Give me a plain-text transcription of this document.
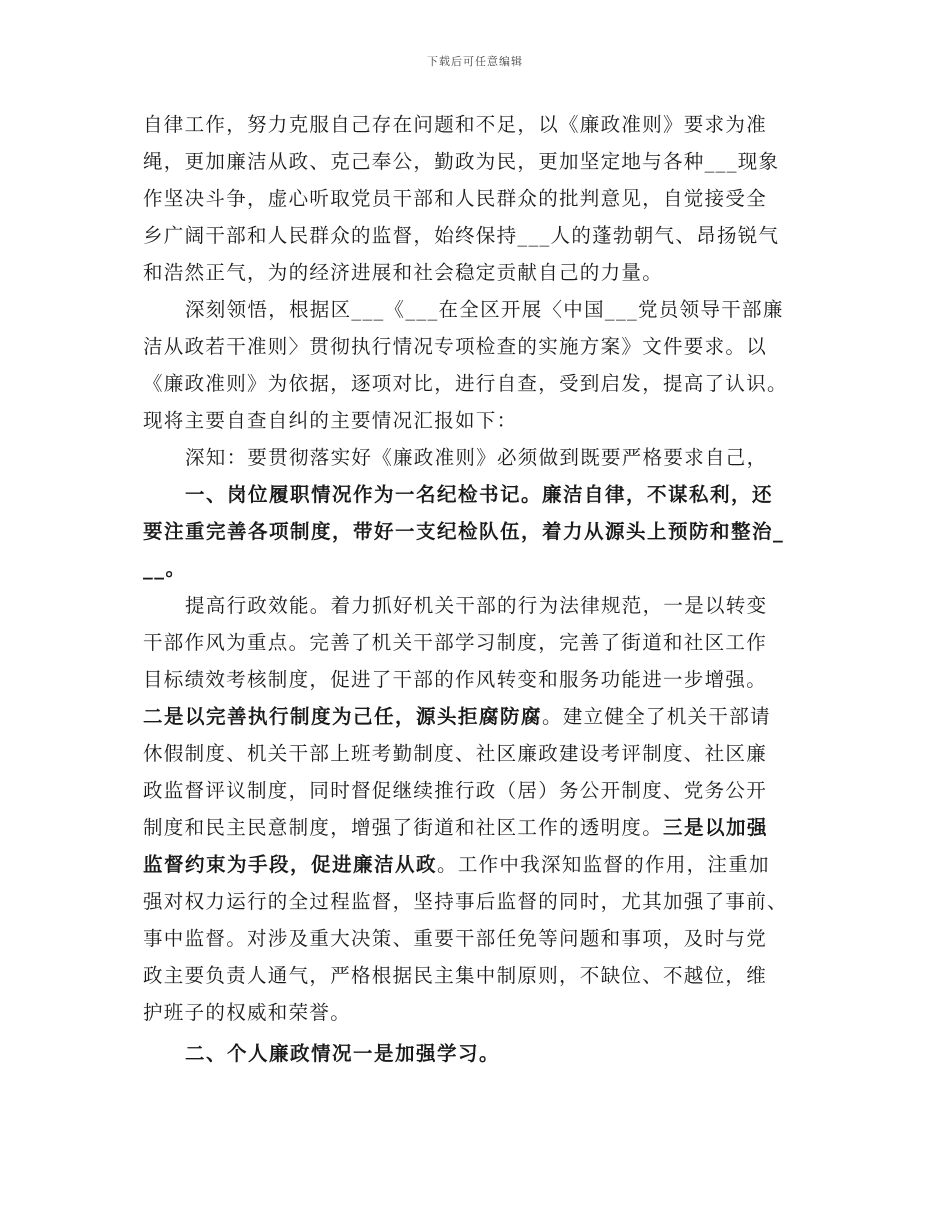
下载后可任意编辑
自律工作，努力克服自己存在问题和不足，以《廉政准则》要求为准
绳，更加廉洁从政、克己奉公，勤政为民，更加坚定地与各种___现象
作坚决斗争，虚心听取党员干部和人民群众的批判意见，自觉接受全
乡广阔干部和人民群众的监督，始终保持___人的蓬勃朝气、昂扬锐气
和浩然正气，为的经济进展和社会稳定贡献自己的力量。
深刻领悟，根据区___《___在全区开展〈中国___党员领导干部廉
洁从政若干准则〉贯彻执行情况专项检查的实施方案》文件要求。以
《廉政准则》为依据，逐项对比，进行自查，受到启发，提高了认识。
现将主要自查自纠的主要情况汇报如下：
深知：要贯彻落实好《廉政准则》必须做到既要严格要求自己，
一、岗位履职情况作为一名纪检书记。廉洁自律，不谋私利，还
要注重完善各项制度，带好一支纪检队伍，着力从源头上预防和整治_
__。
提高行政效能。着力抓好机关干部的行为法律规范，一是以转变
干部作风为重点。完善了机关干部学习制度，完善了街道和社区工作
目标绩效考核制度，促进了干部的作风转变和服务功能进一步增强。
二是以完善执行制度为己任，源头拒腐防腐。建立健全了机关干部请
休假制度、机关干部上班考勤制度、社区廉政建设考评制度、社区廉
政监督评议制度，同时督促继续推行政（居）务公开制度、党务公开
制度和民主民意制度，增强了街道和社区工作的透明度。三是以加强
监督约束为手段，促进廉洁从政。工作中我深知监督的作用，注重加
强对权力运行的全过程监督，坚持事后监督的同时，尤其加强了事前、
事中监督。对涉及重大决策、重要干部任免等问题和事项，及时与党
政主要负责人通气，严格根据民主集中制原则，不缺位、不越位，维
护班子的权威和荣誉。
二、个人廉政情况一是加强学习。
